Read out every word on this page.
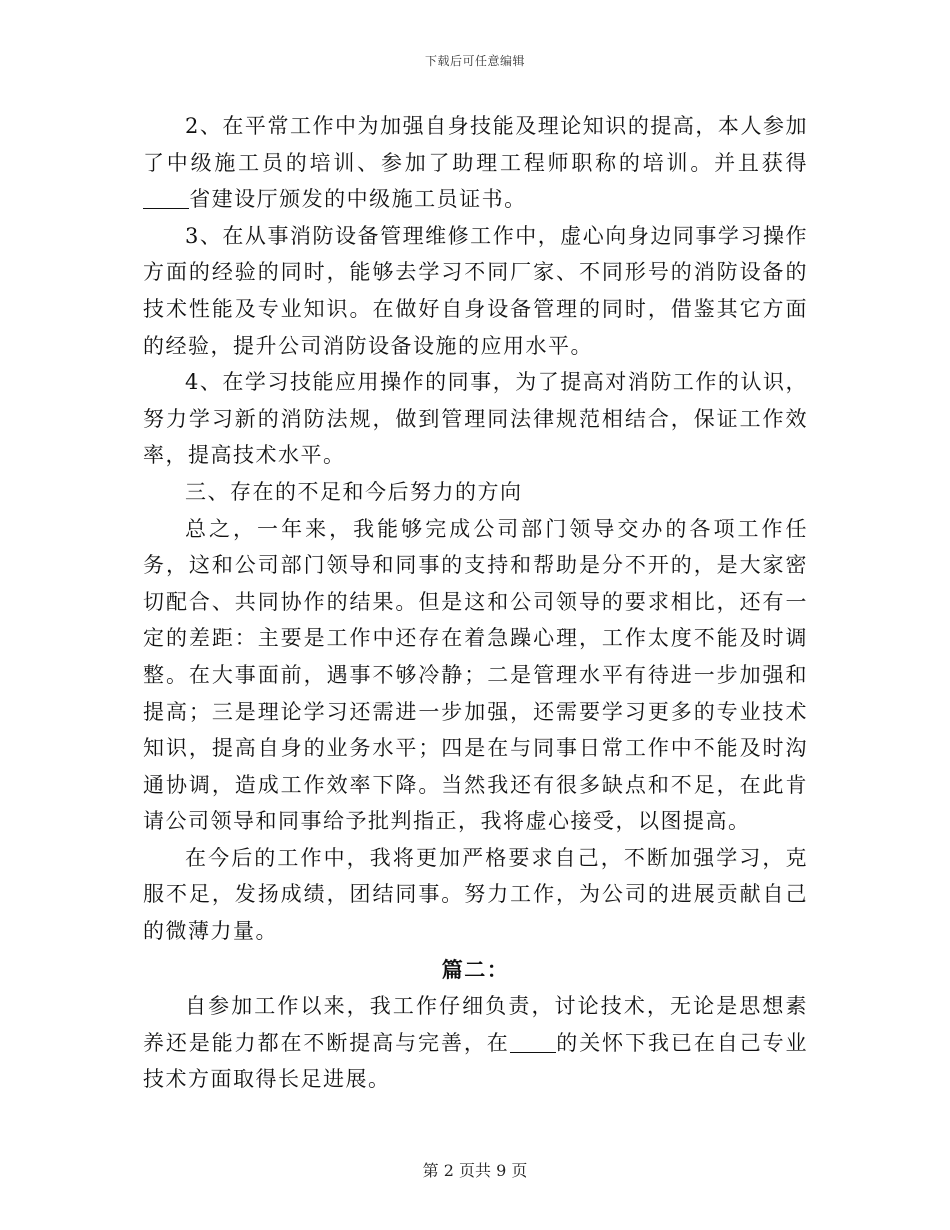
下载后可任意编辑

2、在平常工作中为加强自身技能及理论知识的提高，本人参加了中级施工员的培训、参加了助理工程师职称的培训。并且获得省建设厅颁发的中级施工员证书。

3、在从事消防设备管理维修工作中，虚心向身边同事学习操作方面的经验的同时，能够去学习不同厂家、不同形号的消防设备的技术性能及专业知识。在做好自身设备管理的同时，借鉴其它方面的经验，提升公司消防设备设施的应用水平。

4、在学习技能应用操作的同事，为了提高对消防工作的认识，努力学习新的消防法规，做到管理同法律规范相结合，保证工作效率，提高技术水平。

三、存在的不足和今后努力的方向

总之，一年来，我能够完成公司部门领导交办的各项工作任务，这和公司部门领导和同事的支持和帮助是分不开的，是大家密切配合、共同协作的结果。但是这和公司领导的要求相比，还有一定的差距：主要是工作中还存在着急躁心理，工作太度不能及时调整。在大事面前，遇事不够冷静；二是管理水平有待进一步加强和提高；三是理论学习还需进一步加强，还需要学习更多的专业技术知识，提高自身的业务水平；四是在与同事日常工作中不能及时沟通协调，造成工作效率下降。当然我还有很多缺点和不足，在此肯请公司领导和同事给予批判指正，我将虚心接受，以图提高。

在今后的工作中，我将更加严格要求自己，不断加强学习，克服不足，发扬成绩，团结同事。努力工作，为公司的进展贡献自己的微薄力量。

篇二：

自参加工作以来，我工作仔细负责，讨论技术，无论是思想素养还是能力都在不断提高与完善，在 的关怀下我已在自己专业技术方面取得长足进展。

第 2 页共 9 页
